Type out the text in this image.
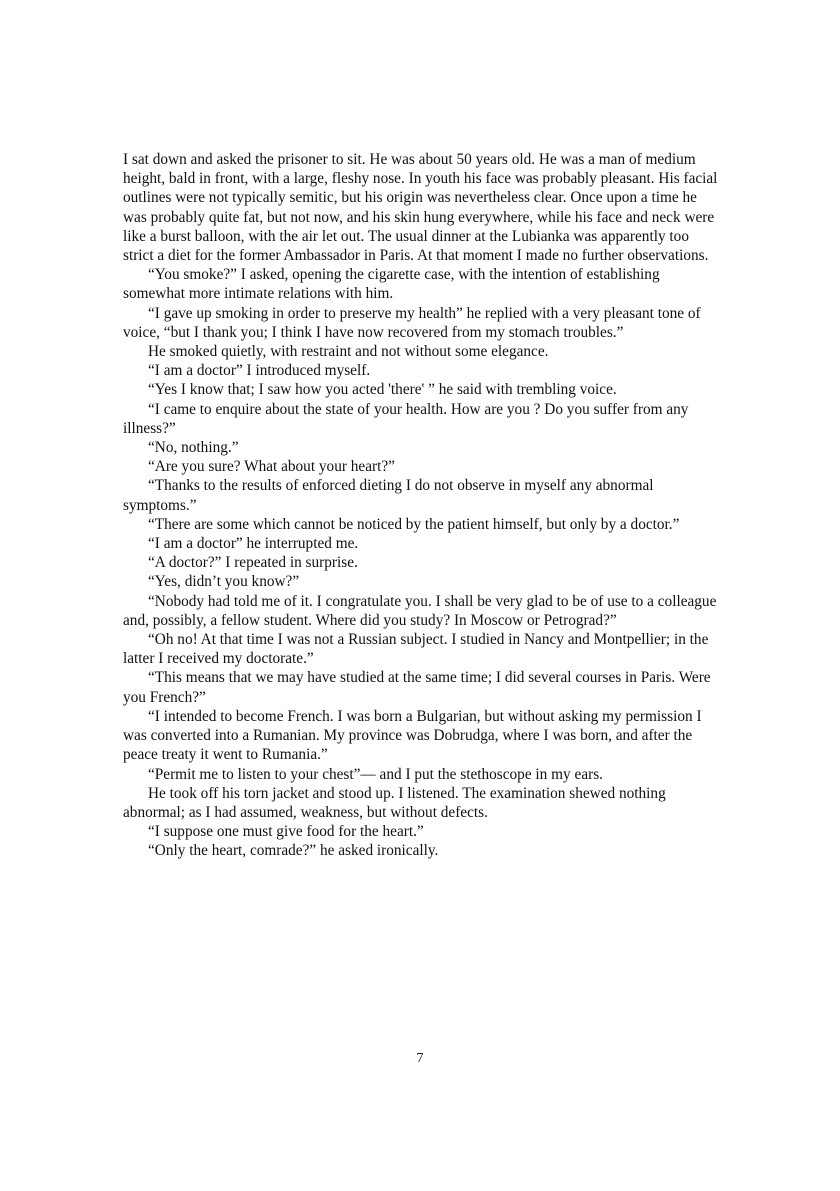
I sat down and asked the prisoner to sit. He was about 50 years old. He was a man of medium height, bald in front, with a large, fleshy nose. In youth his face was probably pleasant. His facial outlines were not typically semitic, but his origin was nevertheless clear. Once upon a time he was probably quite fat, but not now, and his skin hung everywhere, while his face and neck were like a burst balloon, with the air let out. The usual dinner at the Lubianka was apparently too strict a diet for the former Ambassador in Paris. At that moment I made no further observations.

“You smoke?” I asked, opening the cigarette case, with the intention of establishing somewhat more intimate relations with him.

“I gave up smoking in order to preserve my health” he replied with a very pleasant tone of voice, “but I thank you; I think I have now recovered from my stomach troubles.”

He smoked quietly, with restraint and not without some elegance.

“I am a doctor” I introduced myself.

“Yes I know that; I saw how you acted 'there' ” he said with trembling voice.

“I came to enquire about the state of your health. How are you ? Do you suffer from any illness?”

“No, nothing.”

“Are you sure? What about your heart?”

“Thanks to the results of enforced dieting I do not observe in myself any abnormal symptoms.”

“There are some which cannot be noticed by the patient himself, but only by a doctor.”

“I am a doctor” he interrupted me.

“A doctor?” I repeated in surprise.

“Yes, didn’t you know?”

“Nobody had told me of it. I congratulate you. I shall be very glad to be of use to a colleague and, possibly, a fellow student. Where did you study? In Moscow or Petrograd?”

“Oh no! At that time I was not a Russian subject. I studied in Nancy and Montpellier; in the latter I received my doctorate.”

“This means that we may have studied at the same time; I did several courses in Paris. Were you French?”

“I intended to become French. I was born a Bulgarian, but without asking my permission I was converted into a Rumanian. My province was Dobrudga, where I was born, and after the peace treaty it went to Rumania.”

“Permit me to listen to your chest”— and I put the stethoscope in my ears.

He took off his torn jacket and stood up. I listened. The examination shewed nothing abnormal; as I had assumed, weakness, but without defects.

“I suppose one must give food for the heart.”

“Only the heart, comrade?” he asked ironically.

7
